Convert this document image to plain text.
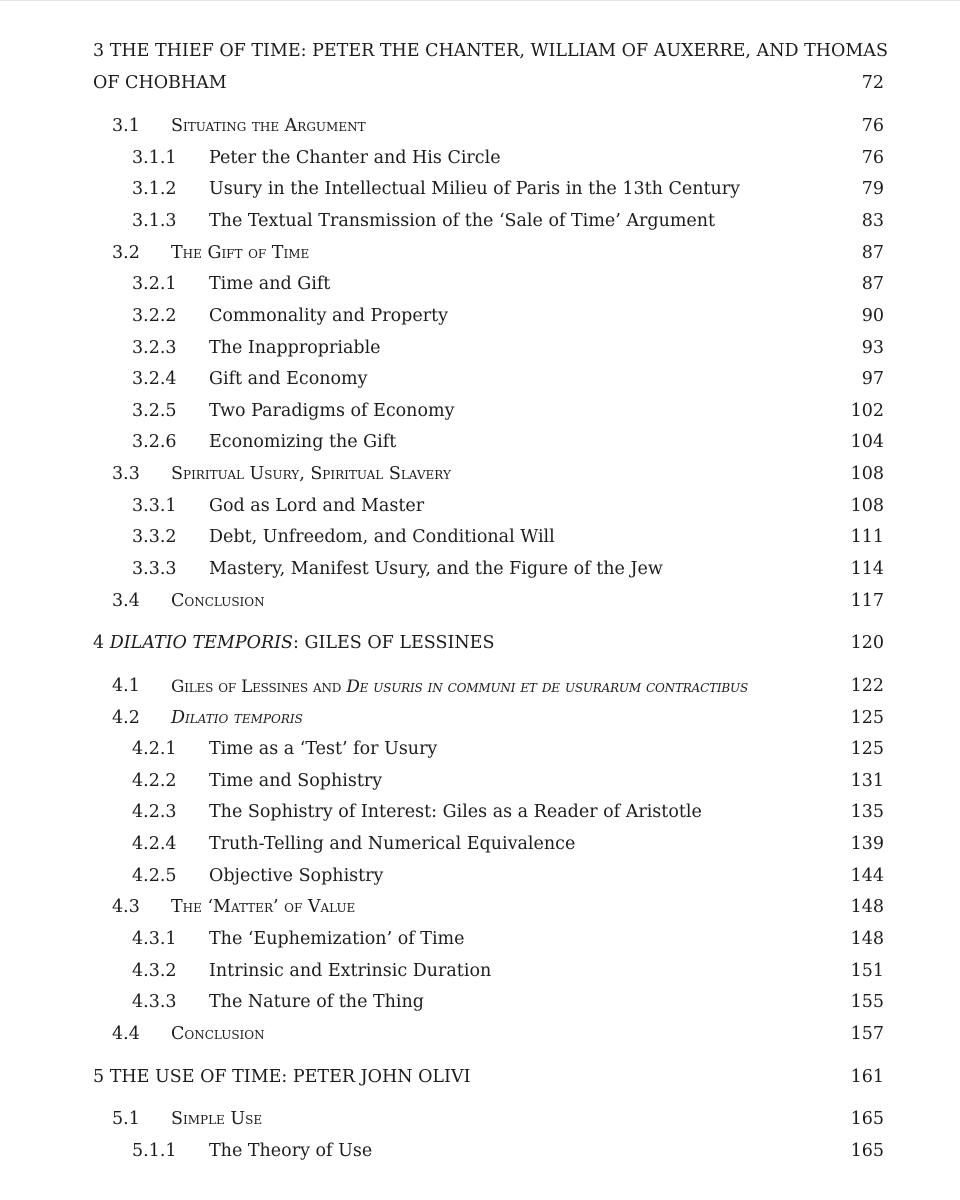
3 THE THIEF OF TIME: PETER THE CHANTER, WILLIAM OF AUXERRE, AND THOMAS
OF CHOBHAM	72
3.1 Situating the Argument	76
3.1.1 Peter the Chanter and His Circle	76
3.1.2 Usury in the Intellectual Milieu of Paris in the 13th Century	79
3.1.3 The Textual Transmission of the ‘Sale of Time’ Argument	83
3.2 The Gift of Time	87
3.2.1 Time and Gift	87
3.2.2 Commonality and Property	90
3.2.3 The Inappropriable	93
3.2.4 Gift and Economy	97
3.2.5 Two Paradigms of Economy	102
3.2.6 Economizing the Gift	104
3.3 Spiritual Usury, Spiritual Slavery	108
3.3.1 God as Lord and Master	108
3.3.2 Debt, Unfreedom, and Conditional Will	111
3.3.3 Mastery, Manifest Usury, and the Figure of the Jew	114
3.4 Conclusion	117
4 DILATIO TEMPORIS: GILES OF LESSINES	120
4.1 Giles of Lessines and De usuris in communi et de usurarum contractibus	122
4.2 Dilatio temporis	125
4.2.1 Time as a ‘Test’ for Usury	125
4.2.2 Time and Sophistry	131
4.2.3 The Sophistry of Interest: Giles as a Reader of Aristotle	135
4.2.4 Truth-Telling and Numerical Equivalence	139
4.2.5 Objective Sophistry	144
4.3 The ‘Matter’ of Value	148
4.3.1 The ‘Euphemization’ of Time	148
4.3.2 Intrinsic and Extrinsic Duration	151
4.3.3 The Nature of the Thing	155
4.4 Conclusion	157
5 THE USE OF TIME: PETER JOHN OLIVI	161
5.1 Simple Use	165
5.1.1 The Theory of Use	165
